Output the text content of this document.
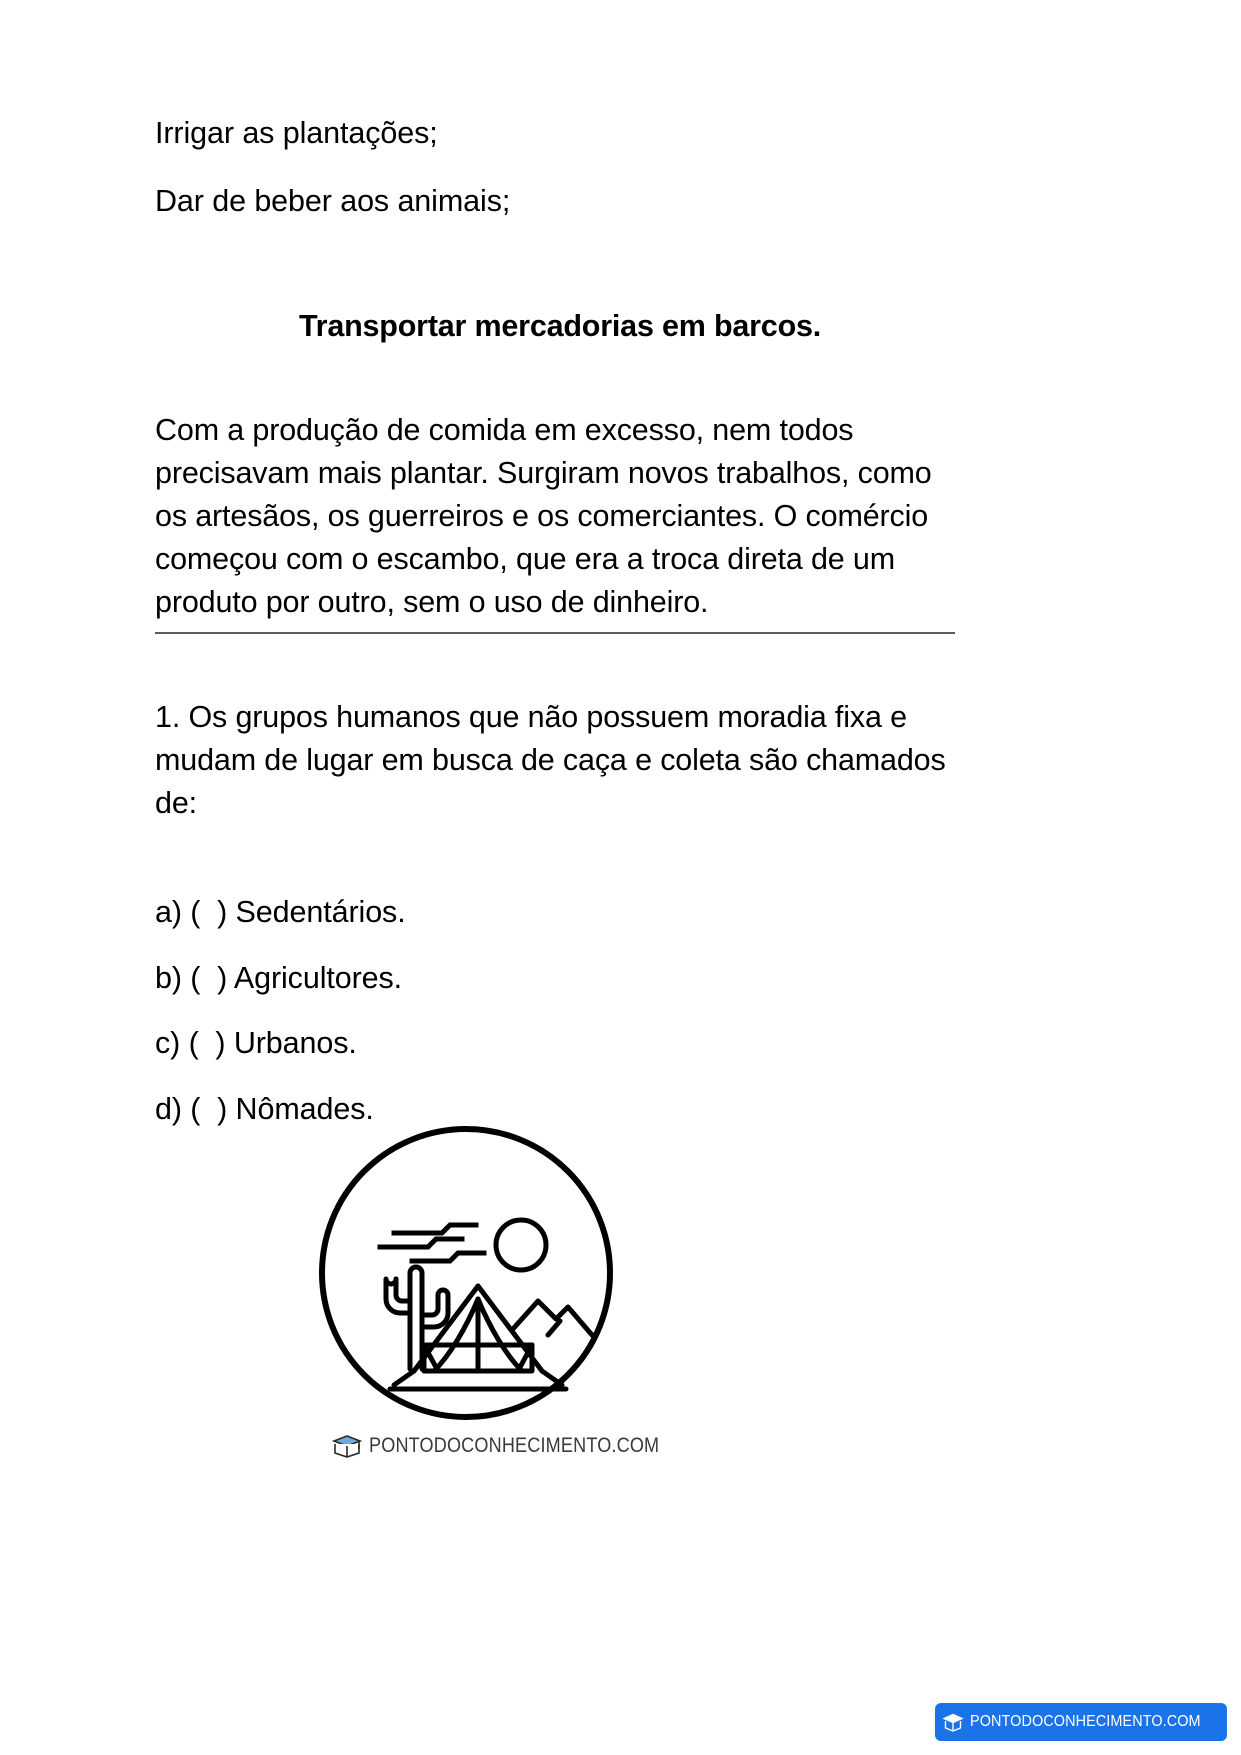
Irrigar as plantações;

Dar de beber aos animais;

Transportar mercadorias em barcos.

Com a produção de comida em excesso, nem todos precisavam mais plantar. Surgiram novos trabalhos, como os artesãos, os guerreiros e os comerciantes. O comércio começou com o escambo, que era a troca direta de um produto por outro, sem o uso de dinheiro.

1. Os grupos humanos que não possuem moradia fixa e mudam de lugar em busca de caça e coleta são chamados de:

a) (  ) Sedentários.

b) (  ) Agricultores.

c) (  ) Urbanos.

d) (  ) Nômades.

PONTODOCONHECIMENTO.COM
PONTODOCONHECIMENTO.COM
